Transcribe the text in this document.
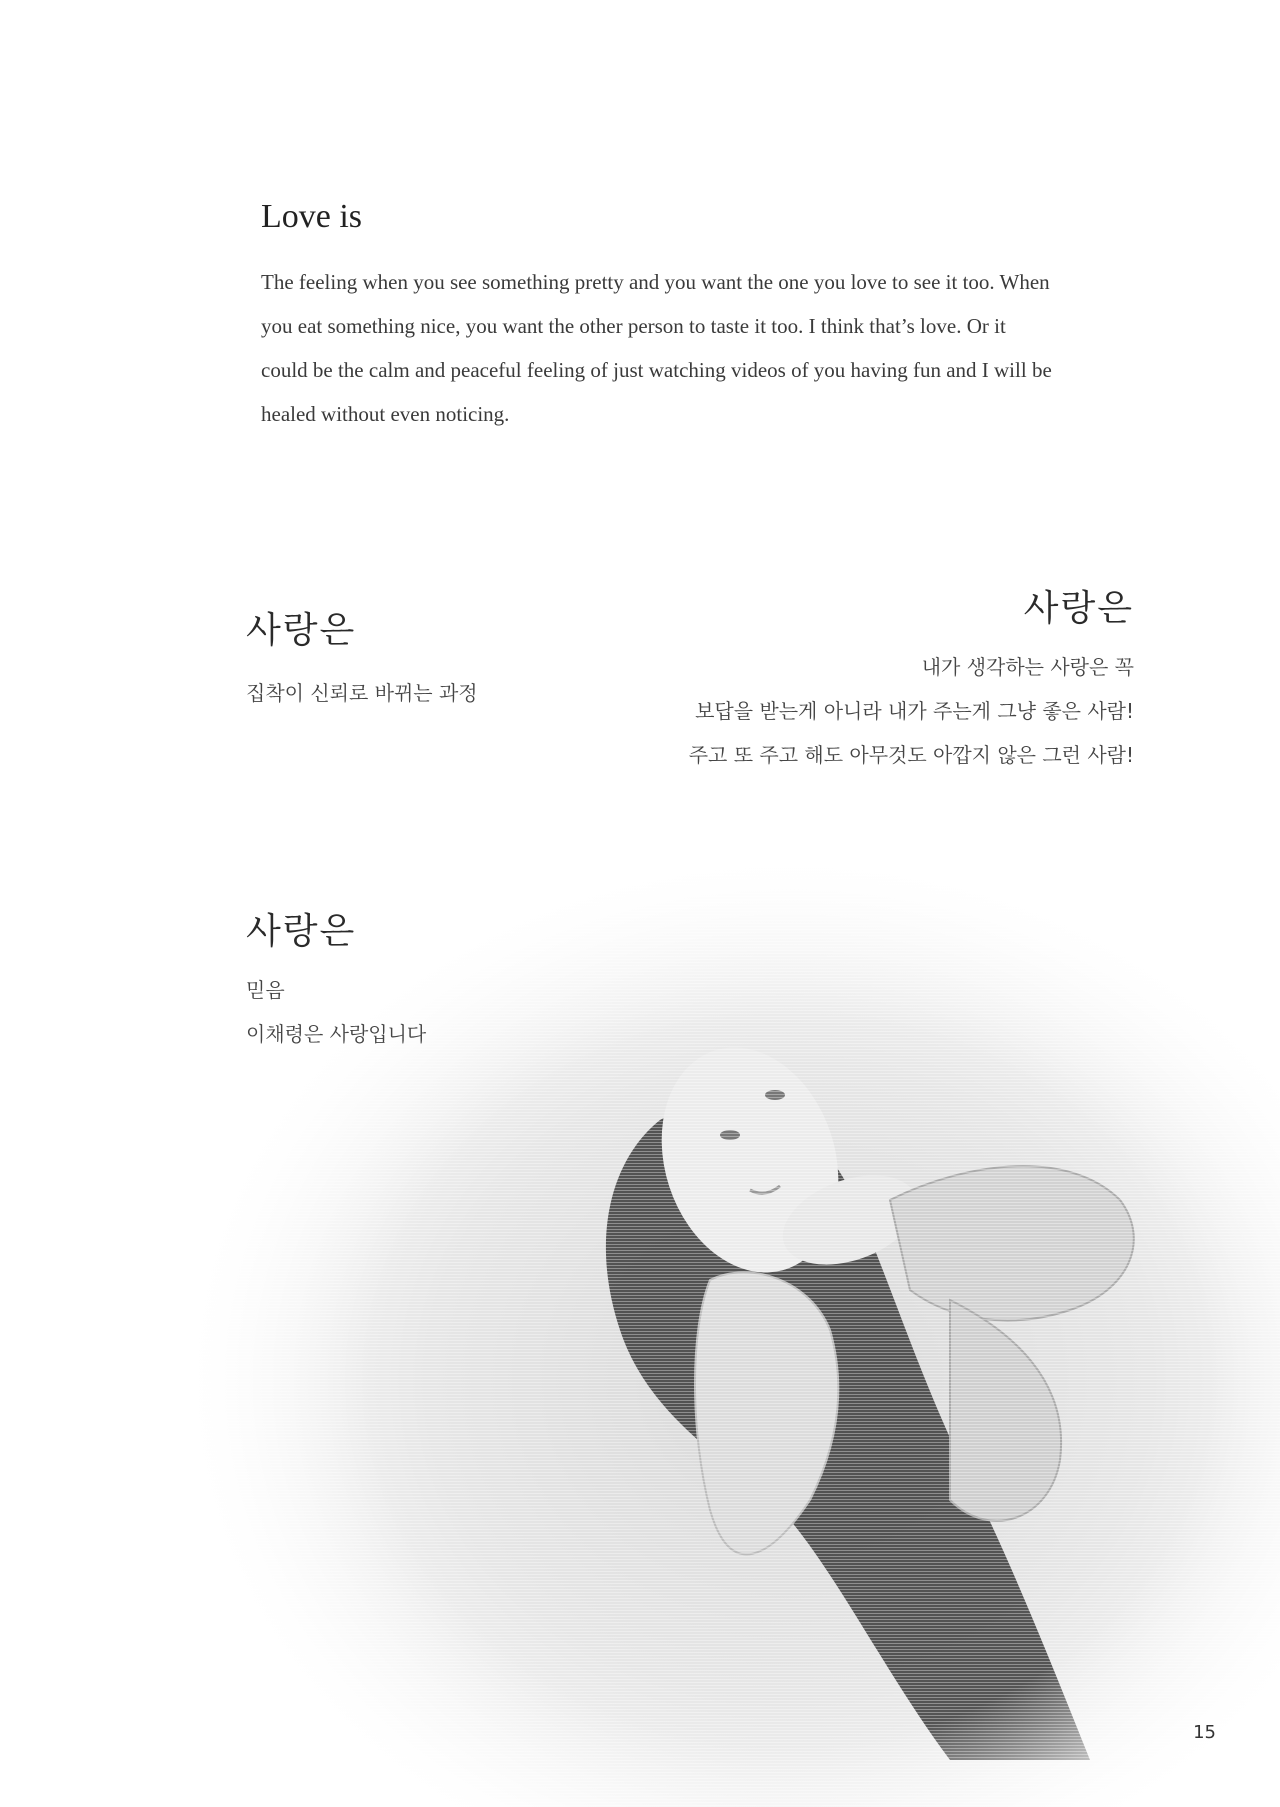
Love is

The feeling when you see something pretty and you want the one you love to see it too. When
you eat something nice, you want the other person to taste it too. I think that’s love. Or it
could be the calm and peaceful feeling of just watching videos of you having fun and I will be
healed without even noticing.

사랑은

집착이 신뢰로 바뀌는 과정

사랑은

내가 생각하는 사랑은 꼭
보답을 받는게 아니라 내가 주는게 그냥 좋은 사람!
주고 또 주고 해도 아무것도 아깝지 않은 그런 사람!

사랑은

믿음
이채령은 사랑입니다

15
